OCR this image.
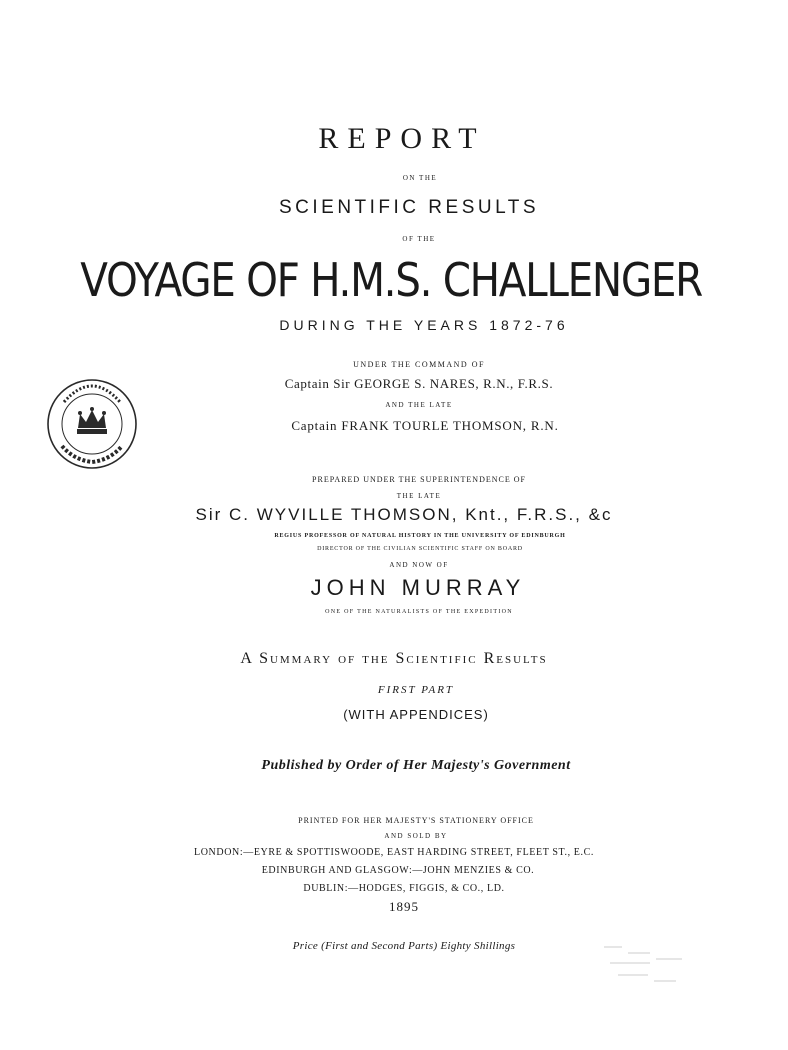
REPORT
ON THE
SCIENTIFIC RESULTS
OF THE
VOYAGE OF H.M.S. CHALLENGER
DURING THE YEARS 1872-76
UNDER THE COMMAND OF
Captain Sir GEORGE S. NARES, R.N., F.R.S.
AND THE LATE
Captain FRANK TOURLE THOMSON, R.N.
PREPARED UNDER THE SUPERINTENDENCE OF
THE LATE
Sir C. WYVILLE THOMSON, Knt., F.R.S., &c
REGIUS PROFESSOR OF NATURAL HISTORY IN THE UNIVERSITY OF EDINBURGH
DIRECTOR OF THE CIVILIAN SCIENTIFIC STAFF ON BOARD
AND NOW OF
JOHN MURRAY
ONE OF THE NATURALISTS OF THE EXPEDITION
A Summary of the Scientific Results
FIRST PART
(WITH APPENDICES)
Published by Order of Her Majesty's Government
PRINTED FOR HER MAJESTY'S STATIONERY OFFICE
AND SOLD BY
LONDON:—EYRE & SPOTTISWOODE, EAST HARDING STREET, FLEET ST., E.C.
EDINBURGH AND GLASGOW:—JOHN MENZIES & CO.
DUBLIN:—HODGES, FIGGIS, & CO., LD.
1895
Price (First and Second Parts) Eighty Shillings
